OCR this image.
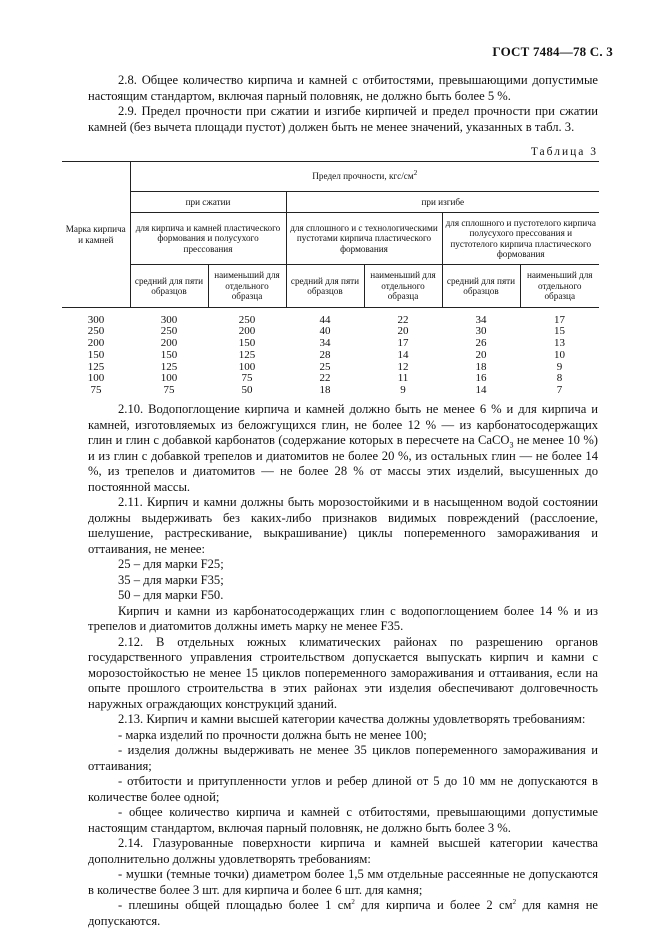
ГОСТ 7484—78 С. 3

2.8. Общее количество кирпича и камней с отбитостями, превышающими допустимые настоящим стандартом, включая парный половняк, не должно быть более 5 %.

2.9. Предел прочности при сжатии и изгибе кирпичей и предел прочности при сжатии камней (без вычета площади пустот) должен быть не менее значений, указанных в табл. 3.

Таблица 3
Марка кирпича и камней	Предел прочности, кгс/$см^2$
	при сжатии		при изгибе			
	для кирпича и камней пластического формования и полусухого прессования		для сплошного и с технологическими пустотами кирпича пластического формования		для сплошного и пустотелого кирпича полусухого прессования и пустотелого кирпича пластического формования	
	средний для пяти образцов	наименьший для отдельного образца	средний для пяти образцов	наименьший для отдельного образца	средний для пяти образцов	наименьший для отдельного образца

300	300	250	44	22	34	17
250	250	200	40	20	30	15
200	200	150	34	17	26	13
150	150	125	28	14	20	10
125	125	100	25	12	18	9
100	100	75	22	11	16	8
75	75	50	18	9	14	7

2.10. Водопоглощение кирпича и камней должно быть не менее 6 % и для кирпича и камней, изготовляемых из беложгущихся глин, не более 12 % — из карбонатосодержащих глин и глин с добавкой карбонатов (содержание которых в пересчете на CaCO$_3$ не менее 10 %) и из глин с добавкой трепелов и диатомитов не более 20 %, из остальных глин — не более 14 %, из трепелов и диатомитов — не более 28 % от массы этих изделий, высушенных до постоянной массы.

2.11. Кирпич и камни должны быть морозостойкими и в насыщенном водой состоянии должны выдерживать без каких-либо признаков видимых повреждений (расслоение, шелушение, растрескивание, выкрашивание) циклы попеременного замораживания и оттаивания, не менее:

25 – для марки F25;

35 – для марки F35;

50 – для марки F50.

Кирпич и камни из карбонатосодержащих глин с водопоглощением более 14 % и из трепелов и диатомитов должны иметь марку не менее F35.

2.12. В отдельных южных климатических районах по разрешению органов государственного управления строительством допускается выпускать кирпич и камни с морозостойкостью не менее 15 циклов попеременного замораживания и оттаивания, если на опыте прошлого строительства в этих районах эти изделия обеспечивают долговечность наружных ограждающих конструкций зданий.

2.13. Кирпич и камни высшей категории качества должны удовлетворять требованиям:

- марка изделий по прочности должна быть не менее 100;

- изделия должны выдерживать не менее 35 циклов попеременного замораживания и оттаивания;

- отбитости и притупленности углов и ребер длиной от 5 до 10 мм не допускаются в количестве более одной;

- общее количество кирпича и камней с отбитостями, превышающими допустимые настоящим стандартом, включая парный половняк, не должно быть более 3 %.

2.14. Глазурованные поверхности кирпича и камней высшей категории качества дополнительно должны удовлетворять требованиям:

- мушки (темные точки) диаметром более 1,5 мм отдельные рассеянные не допускаются в количестве более 3 шт. для кирпича и более 6 шт. для камня;

- плешины общей площадью более 1 $см^2$ для кирпича и более 2 $см^2$ для камня не допускаются.
